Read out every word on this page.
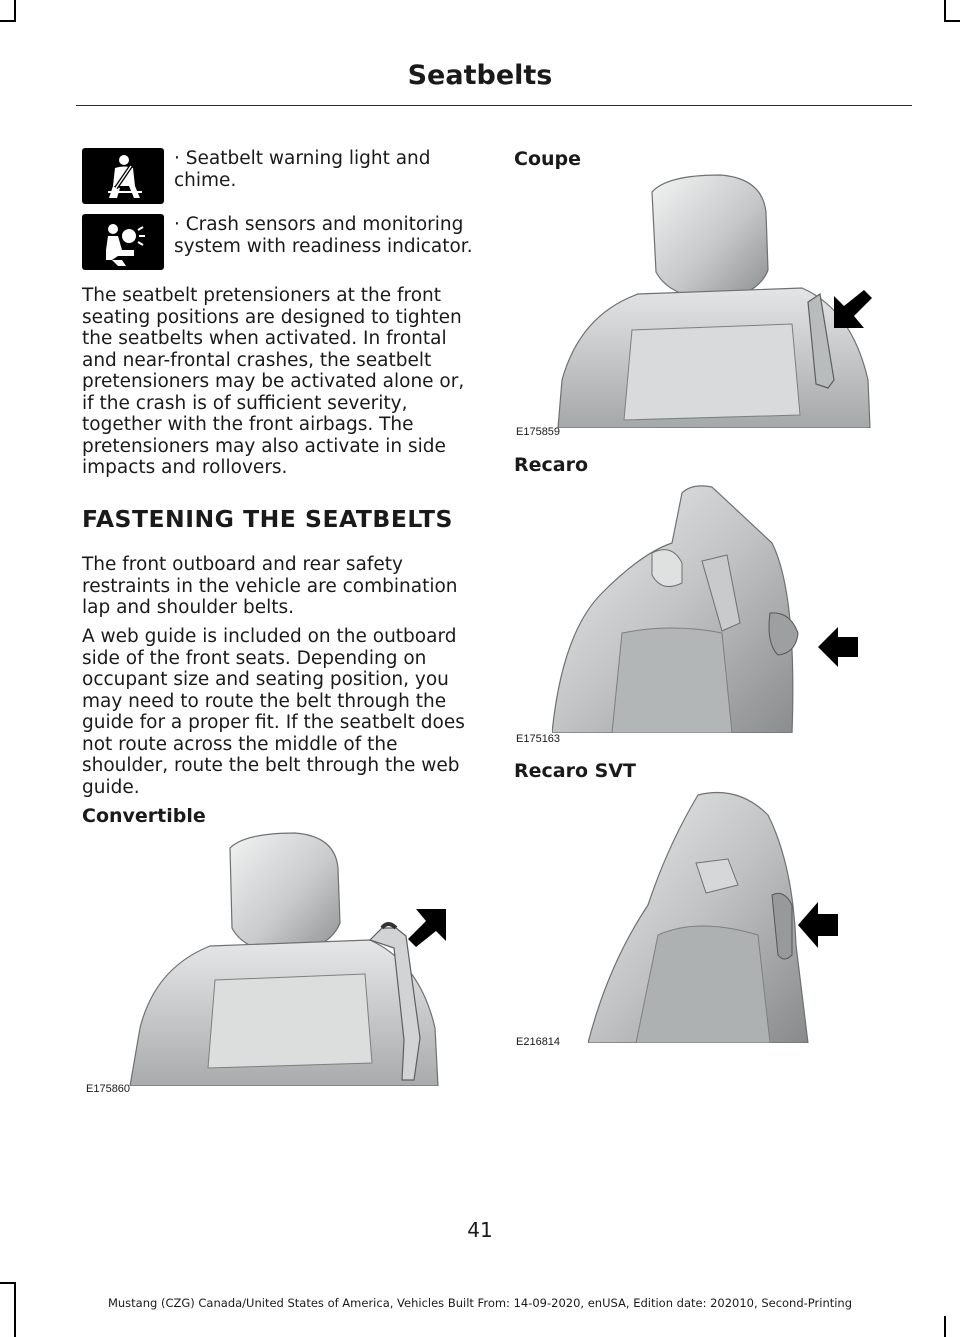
Seatbelts
· Seatbelt warning light and chime.
· Crash sensors and monitoring system with readiness indicator.

The seatbelt pretensioners at the front seating positions are designed to tighten the seatbelts when activated. In frontal and near-frontal crashes, the seatbelt pretensioners may be activated alone or, if the crash is of sufficient severity, together with the front airbags. The pretensioners may also activate in side impacts and rollovers.

FASTENING THE SEATBELTS

The front outboard and rear safety restraints in the vehicle are combination lap and shoulder belts.

A web guide is included on the outboard side of the front seats. Depending on occupant size and seating position, you may need to route the belt through the guide for a proper fit. If the seatbelt does not route across the middle of the shoulder, route the belt through the web guide.

Convertible
E175860
Coupe
E175859
Recaro
E175163
Recaro SVT
E216814
41
Mustang (CZG) Canada/United States of America, Vehicles Built From: 14-09-2020, enUSA, Edition date: 202010, Second-Printing
